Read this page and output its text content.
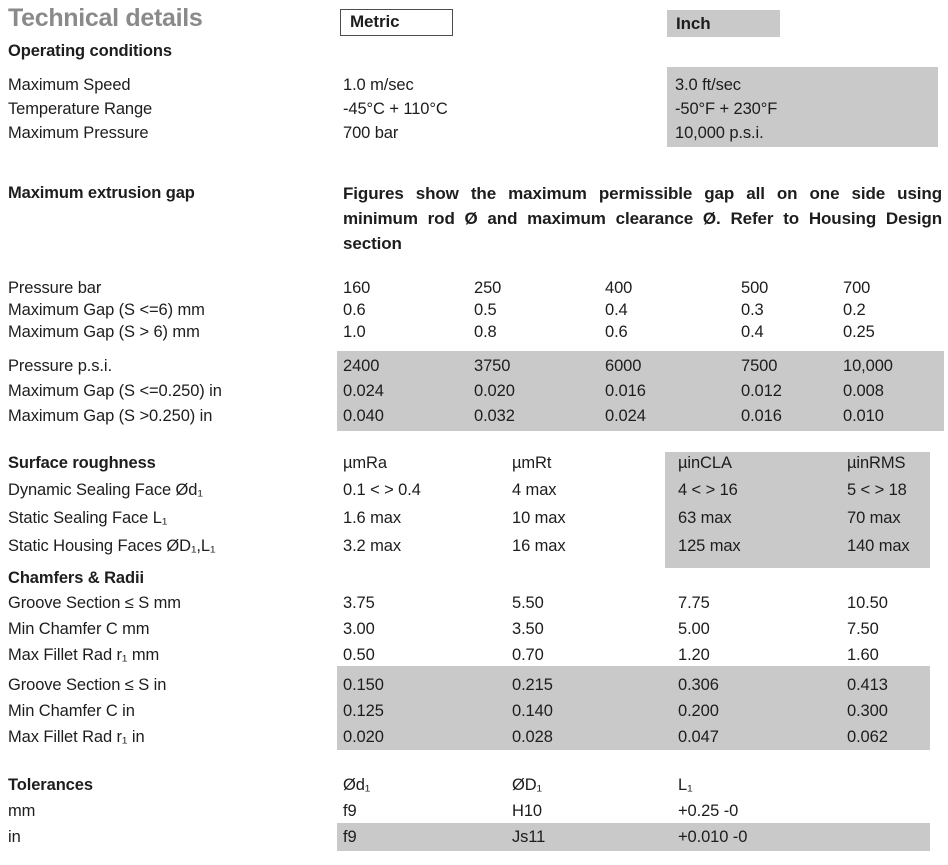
Technical details	Metric	Inch
Operating conditions
Maximum Speed	1.0 m/sec	3.0 ft/sec
Temperature Range	-45°C + 110°C	-50°F + 230°F
Maximum Pressure	700 bar	10,000 p.s.i.
Maximum extrusion gap	Figures show the maximum permissible gap all on one side using minimum rod Ø and maximum clearance Ø. Refer to Housing Design section
Pressure bar	160	250	400	500	700
Maximum Gap (S <=6) mm	0.6	0.5	0.4	0.3	0.2
Maximum Gap (S > 6) mm	1.0	0.8	0.6	0.4	0.25
Pressure p.s.i.	2400	3750	6000	7500	10,000
Maximum Gap (S <=0.250) in	0.024	0.020	0.016	0.012	0.008
Maximum Gap (S >0.250) in	0.040	0.032	0.024	0.016	0.010
Surface roughness	µmRa	µmRt	µinCLA	µinRMS
Dynamic Sealing Face Ød₁	0.1 < > 0.4	4 max	4 < > 16	5 < > 18
Static Sealing Face L₁	1.6 max	10 max	63 max	70 max
Static Housing Faces ØD₁,L₁	3.2 max	16 max	125 max	140 max
Chamfers & Radii
Groove Section ≤ S mm	3.75	5.50	7.75	10.50
Min Chamfer C mm	3.00	3.50	5.00	7.50
Max Fillet Rad r₁ mm	0.50	0.70	1.20	1.60
Groove Section ≤ S in	0.150	0.215	0.306	0.413
Min Chamfer C in	0.125	0.140	0.200	0.300
Max Fillet Rad r₁ in	0.020	0.028	0.047	0.062
Tolerances	Ød₁	ØD₁	L₁
mm	f9	H10	+0.25 -0
in	f9	Js11	+0.010 -0
